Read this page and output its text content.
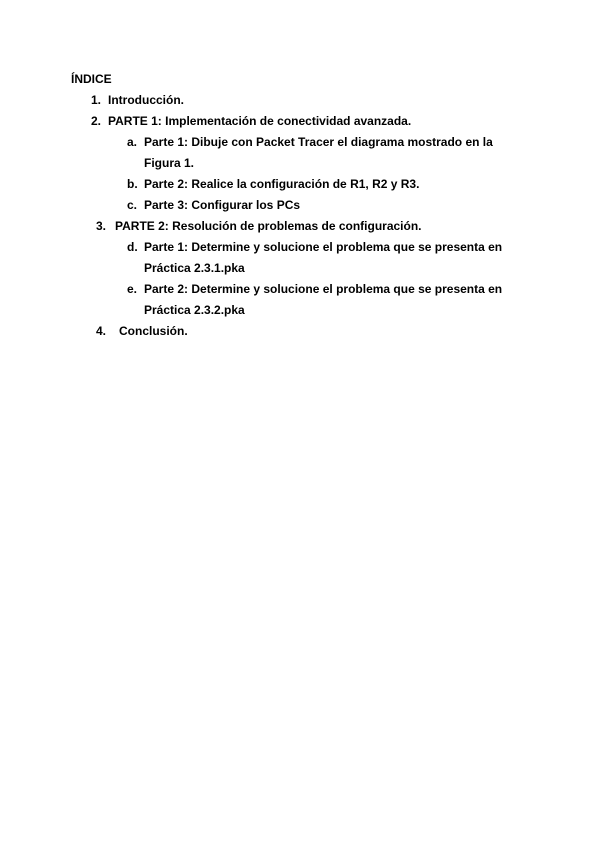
ÍNDICE
1. Introducción.
2. PARTE 1: Implementación de conectividad avanzada.
a. Parte 1: Dibuje con Packet Tracer el diagrama mostrado en la
Figura 1.
b. Parte 2: Realice la configuración de R1, R2 y R3.
c. Parte 3: Configurar los PCs
3. PARTE 2: Resolución de problemas de configuración.
d. Parte 1: Determine y solucione el problema que se presenta en
Práctica 2.3.1.pka
e. Parte 2: Determine y solucione el problema que se presenta en
Práctica 2.3.2.pka
4. Conclusión.
